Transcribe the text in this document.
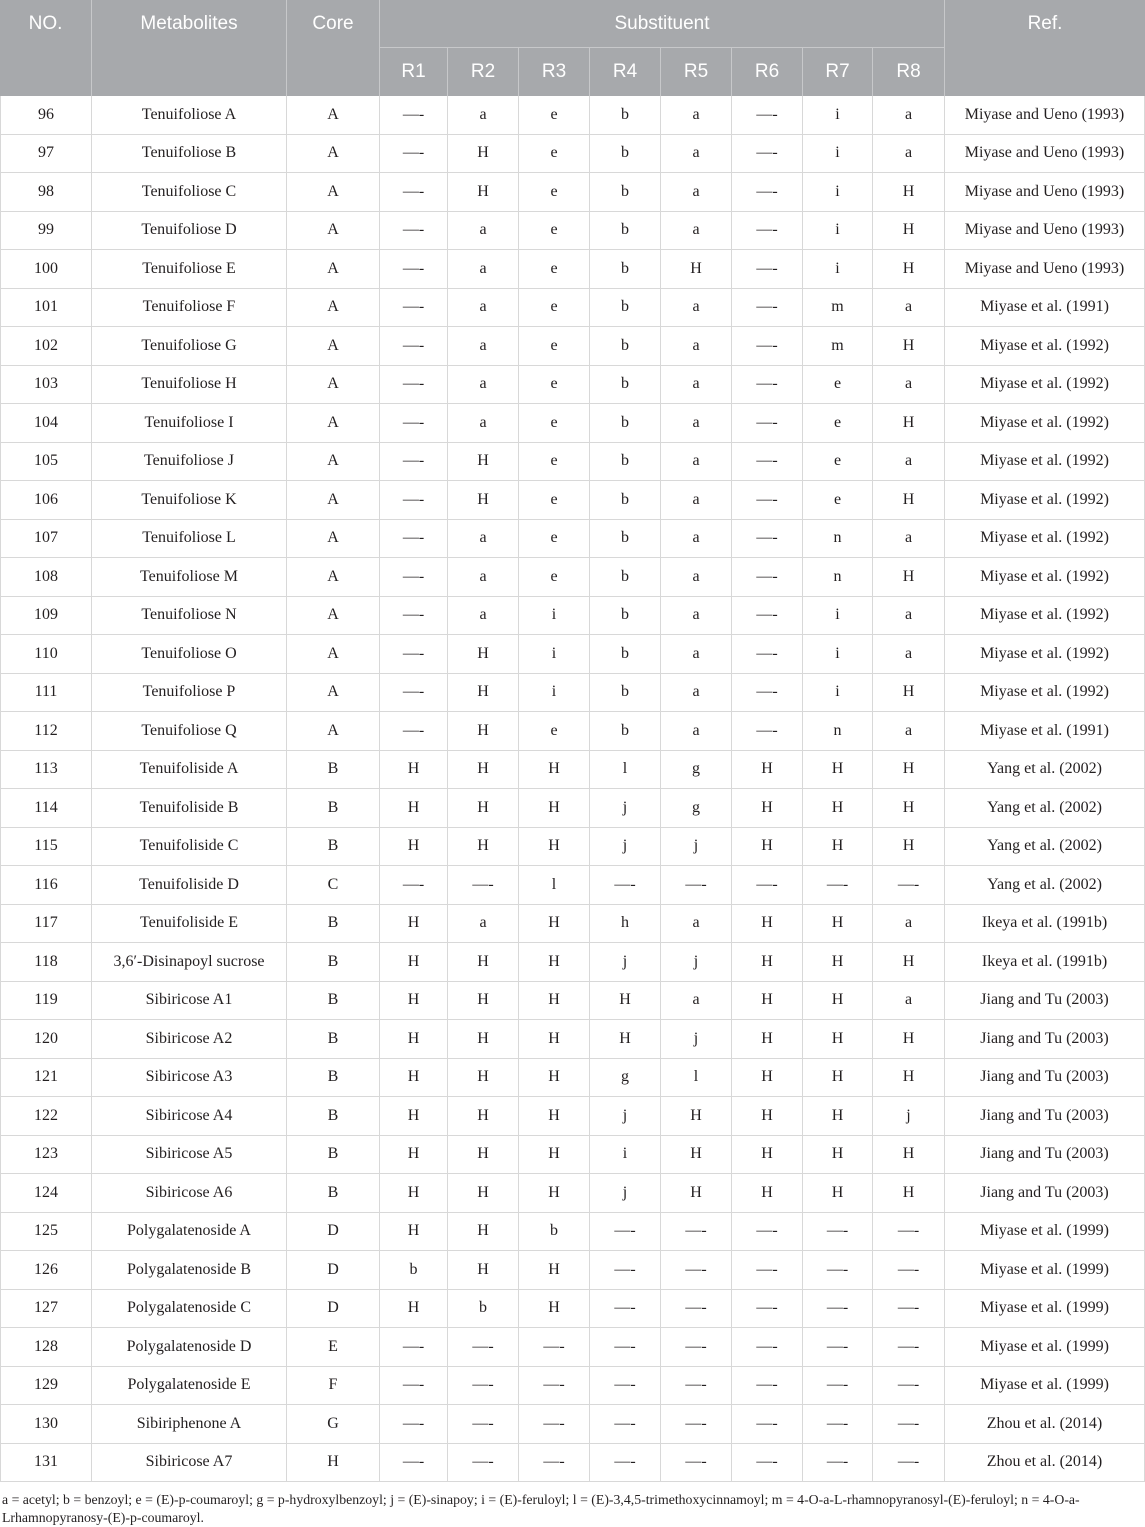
NO.	Metabolites	Core	Substituent	Ref.
R1	R2	R3	R4	R5	R6	R7	R8
96	Tenuifoliose A	A	—-	a	e	b	a	—-	i	a	Miyase and Ueno (1993)
97	Tenuifoliose B	A	—-	H	e	b	a	—-	i	a	Miyase and Ueno (1993)
98	Tenuifoliose C	A	—-	H	e	b	a	—-	i	H	Miyase and Ueno (1993)
99	Tenuifoliose D	A	—-	a	e	b	a	—-	i	H	Miyase and Ueno (1993)
100	Tenuifoliose E	A	—-	a	e	b	H	—-	i	H	Miyase and Ueno (1993)
101	Tenuifoliose F	A	—-	a	e	b	a	—-	m	a	Miyase et al. (1991)
102	Tenuifoliose G	A	—-	a	e	b	a	—-	m	H	Miyase et al. (1992)
103	Tenuifoliose H	A	—-	a	e	b	a	—-	e	a	Miyase et al. (1992)
104	Tenuifoliose I	A	—-	a	e	b	a	—-	e	H	Miyase et al. (1992)
105	Tenuifoliose J	A	—-	H	e	b	a	—-	e	a	Miyase et al. (1992)
106	Tenuifoliose K	A	—-	H	e	b	a	—-	e	H	Miyase et al. (1992)
107	Tenuifoliose L	A	—-	a	e	b	a	—-	n	a	Miyase et al. (1992)
108	Tenuifoliose M	A	—-	a	e	b	a	—-	n	H	Miyase et al. (1992)
109	Tenuifoliose N	A	—-	a	i	b	a	—-	i	a	Miyase et al. (1992)
110	Tenuifoliose O	A	—-	H	i	b	a	—-	i	a	Miyase et al. (1992)
111	Tenuifoliose P	A	—-	H	i	b	a	—-	i	H	Miyase et al. (1992)
112	Tenuifoliose Q	A	—-	H	e	b	a	—-	n	a	Miyase et al. (1991)
113	Tenuifoliside A	B	H	H	H	l	g	H	H	H	Yang et al. (2002)
114	Tenuifoliside B	B	H	H	H	j	g	H	H	H	Yang et al. (2002)
115	Tenuifoliside C	B	H	H	H	j	j	H	H	H	Yang et al. (2002)
116	Tenuifoliside D	C	—-	—-	l	—-	—-	—-	—-	—-	Yang et al. (2002)
117	Tenuifoliside E	B	H	a	H	h	a	H	H	a	Ikeya et al. (1991b)
118	3,6′-Disinapoyl sucrose	B	H	H	H	j	j	H	H	H	Ikeya et al. (1991b)
119	Sibiricose A1	B	H	H	H	H	a	H	H	a	Jiang and Tu (2003)
120	Sibiricose A2	B	H	H	H	H	j	H	H	H	Jiang and Tu (2003)
121	Sibiricose A3	B	H	H	H	g	l	H	H	H	Jiang and Tu (2003)
122	Sibiricose A4	B	H	H	H	j	H	H	H	j	Jiang and Tu (2003)
123	Sibiricose A5	B	H	H	H	i	H	H	H	H	Jiang and Tu (2003)
124	Sibiricose A6	B	H	H	H	j	H	H	H	H	Jiang and Tu (2003)
125	Polygalatenoside A	D	H	H	b	—-	—-	—-	—-	—-	Miyase et al. (1999)
126	Polygalatenoside B	D	b	H	H	—-	—-	—-	—-	—-	Miyase et al. (1999)
127	Polygalatenoside C	D	H	b	H	—-	—-	—-	—-	—-	Miyase et al. (1999)
128	Polygalatenoside D	E	—-	—-	—-	—-	—-	—-	—-	—-	Miyase et al. (1999)
129	Polygalatenoside E	F	—-	—-	—-	—-	—-	—-	—-	—-	Miyase et al. (1999)
130	Sibiriphenone A	G	—-	—-	—-	—-	—-	—-	—-	—-	Zhou et al. (2014)
131	Sibiricose A7	H	—-	—-	—-	—-	—-	—-	—-	—-	Zhou et al. (2014)
a = acetyl; b = benzoyl; e = (E)-p-coumaroyl; g = p-hydroxylbenzoyl; j = (E)-sinapoy; i = (E)-feruloyl; l = (E)-3,4,5-trimethoxycinnamoyl; m = 4-O-a-L-rhamnopyranosyl-(E)-feruloyl; n = 4-O-a-Lrhamnopyranosy-(E)-p-coumaroyl.
